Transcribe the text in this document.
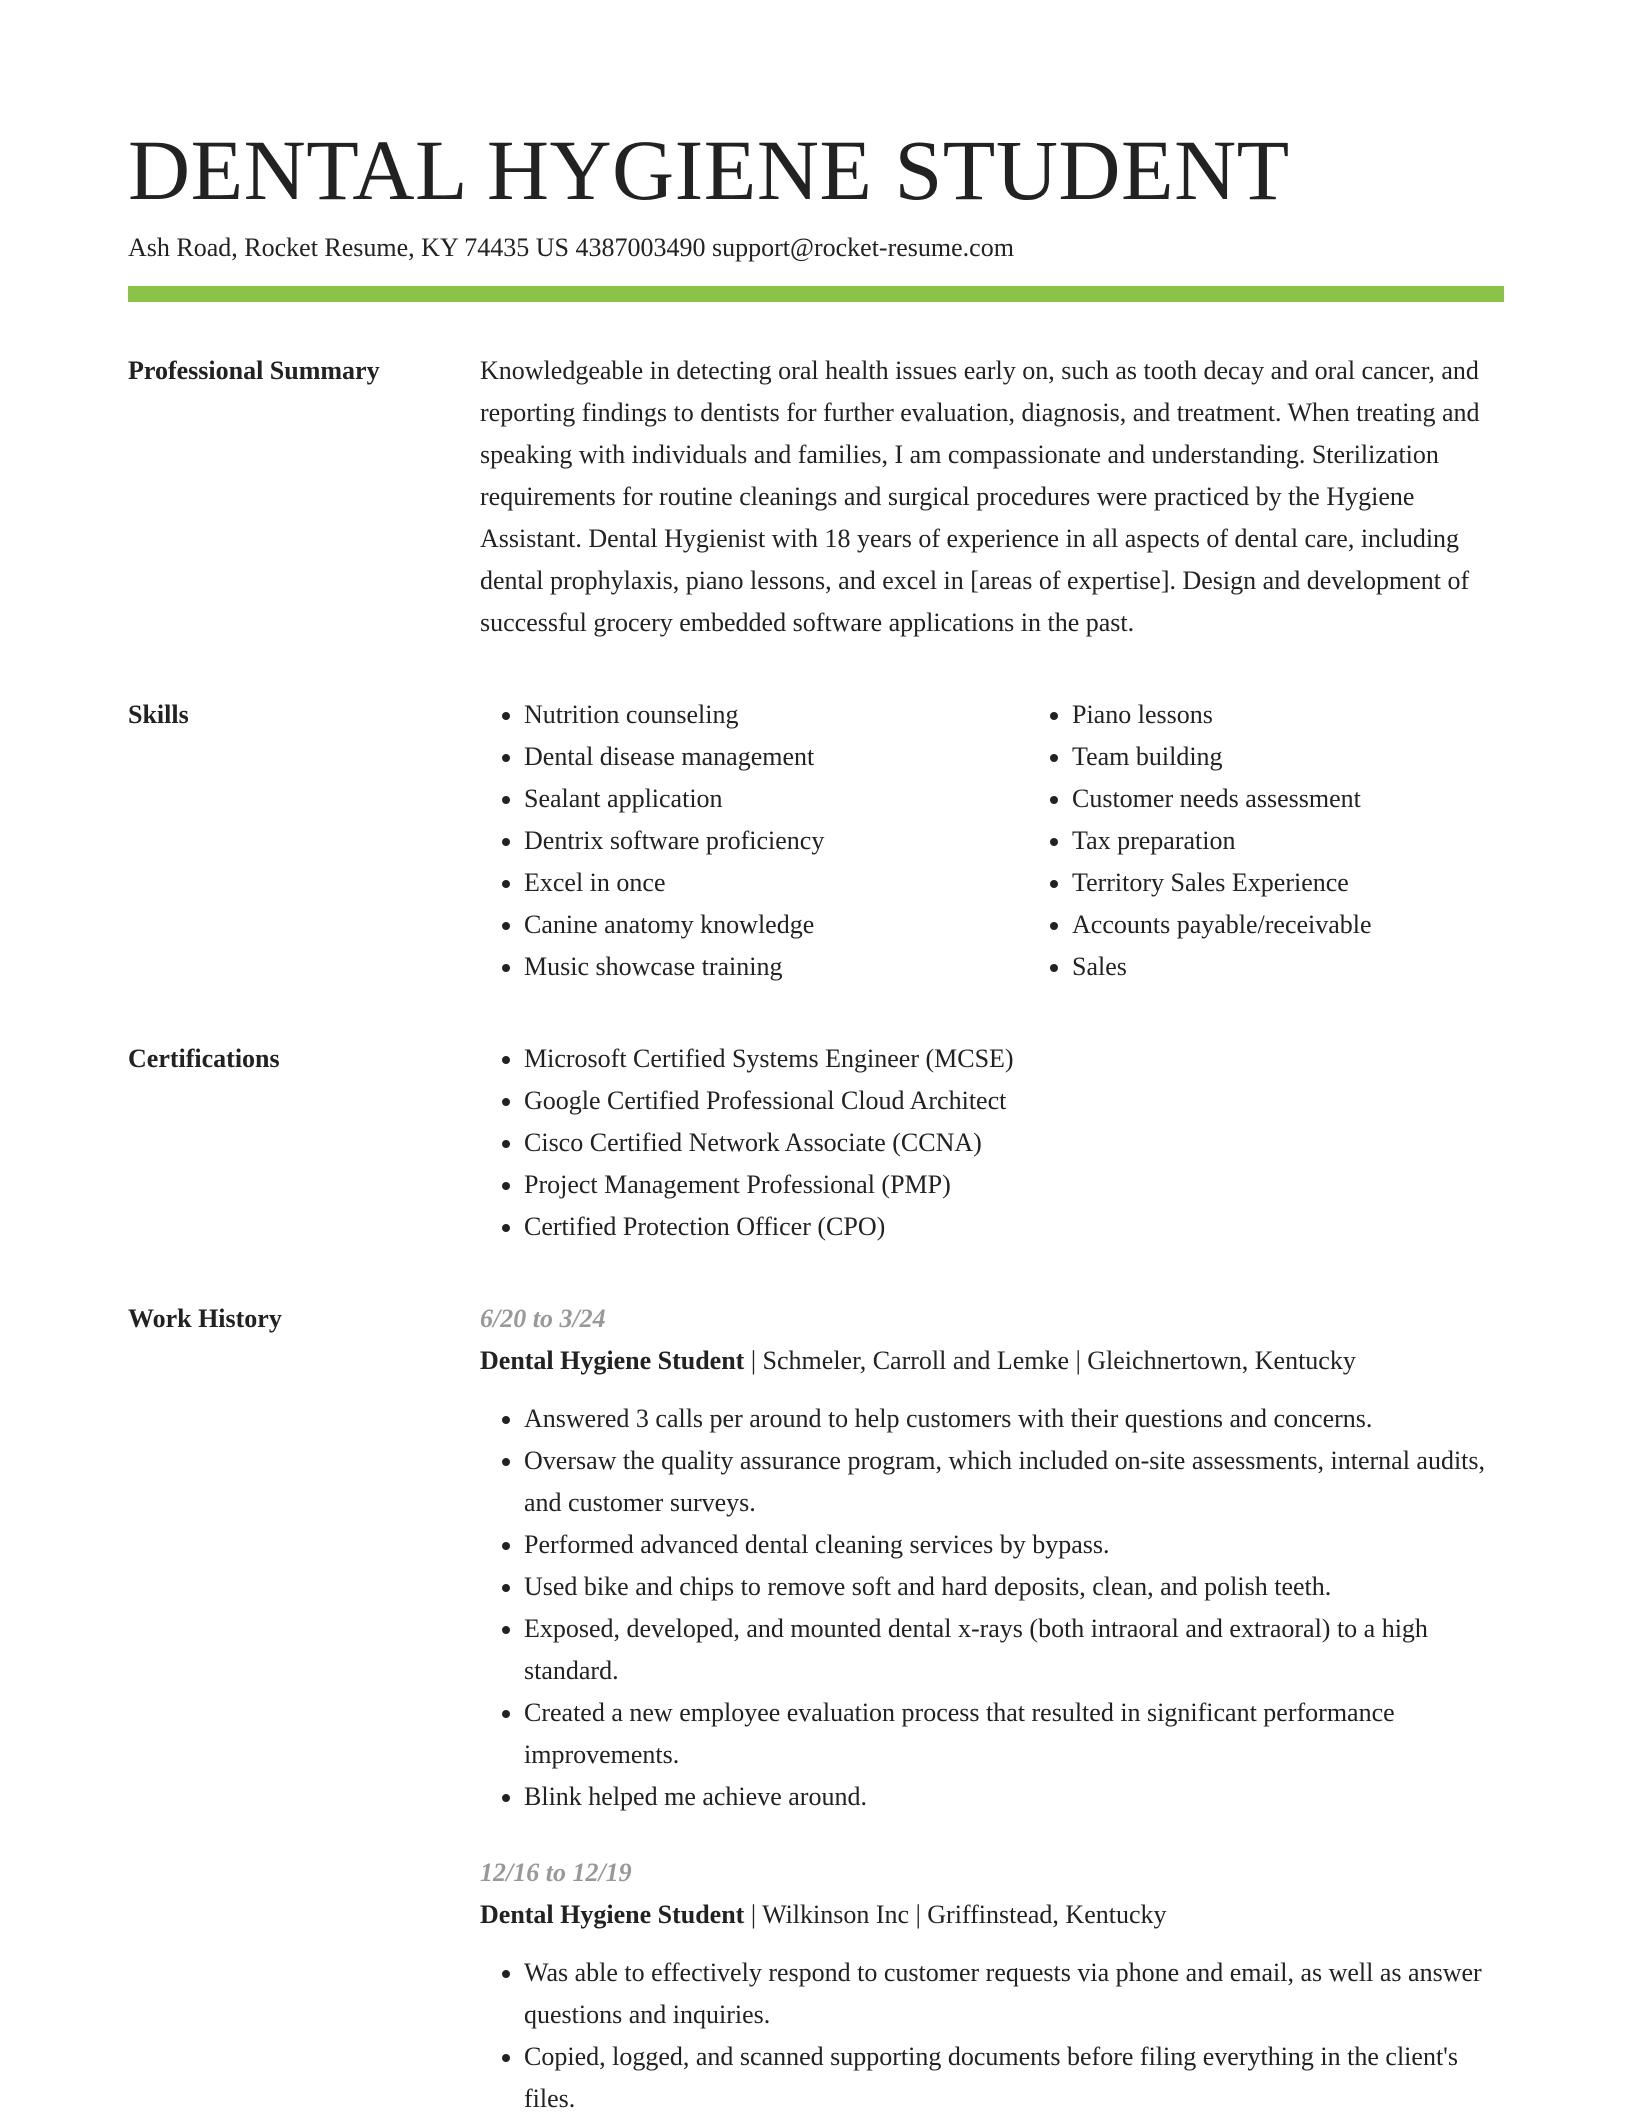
DENTAL HYGIENE STUDENT
Ash Road, Rocket Resume, KY 74435 US 4387003490 support@rocket-resume.com
Professional Summary	Knowledgeable in detecting oral health issues early on, such as tooth decay and oral cancer, and reporting findings to dentists for further evaluation, diagnosis, and treatment. When treating and speaking with individuals and families, I am compassionate and understanding. Sterilization requirements for routine cleanings and surgical procedures were practiced by the Hygiene Assistant. Dental Hygienist with 18 years of experience in all aspects of dental care, including dental prophylaxis, piano lessons, and excel in [areas of expertise]. Design and development of successful grocery embedded software applications in the past.

Skills	• Nutrition counseling
• Dental disease management
• Sealant application
• Dentrix software proficiency
• Excel in once
• Canine anatomy knowledge
• Music showcase training
• Piano lessons
• Team building
• Customer needs assessment
• Tax preparation
• Territory Sales Experience
• Accounts payable/receivable
• Sales
Certifications	• Microsoft Certified Systems Engineer (MCSE)
• Google Certified Professional Cloud Architect
• Cisco Certified Network Associate (CCNA)
• Project Management Professional (PMP)
• Certified Protection Officer (CPO)
Work History	6/20 to 3/24
Dental Hygiene Student | Schmeler, Carroll and Lemke | Gleichnertown, Kentucky
• Answered 3 calls per around to help customers with their questions and concerns.
• Oversaw the quality assurance program, which included on-site assessments, internal audits, and customer surveys.
• Performed advanced dental cleaning services by bypass.
• Used bike and chips to remove soft and hard deposits, clean, and polish teeth.
• Exposed, developed, and mounted dental x-rays (both intraoral and extraoral) to a high standard.
• Created a new employee evaluation process that resulted in significant performance improvements.
• Blink helped me achieve around.
12/16 to 12/19
Dental Hygiene Student | Wilkinson Inc | Griffinstead, Kentucky
• Was able to effectively respond to customer requests via phone and email, as well as answer questions and inquiries.
• Copied, logged, and scanned supporting documents before filing everything in the client's files.
